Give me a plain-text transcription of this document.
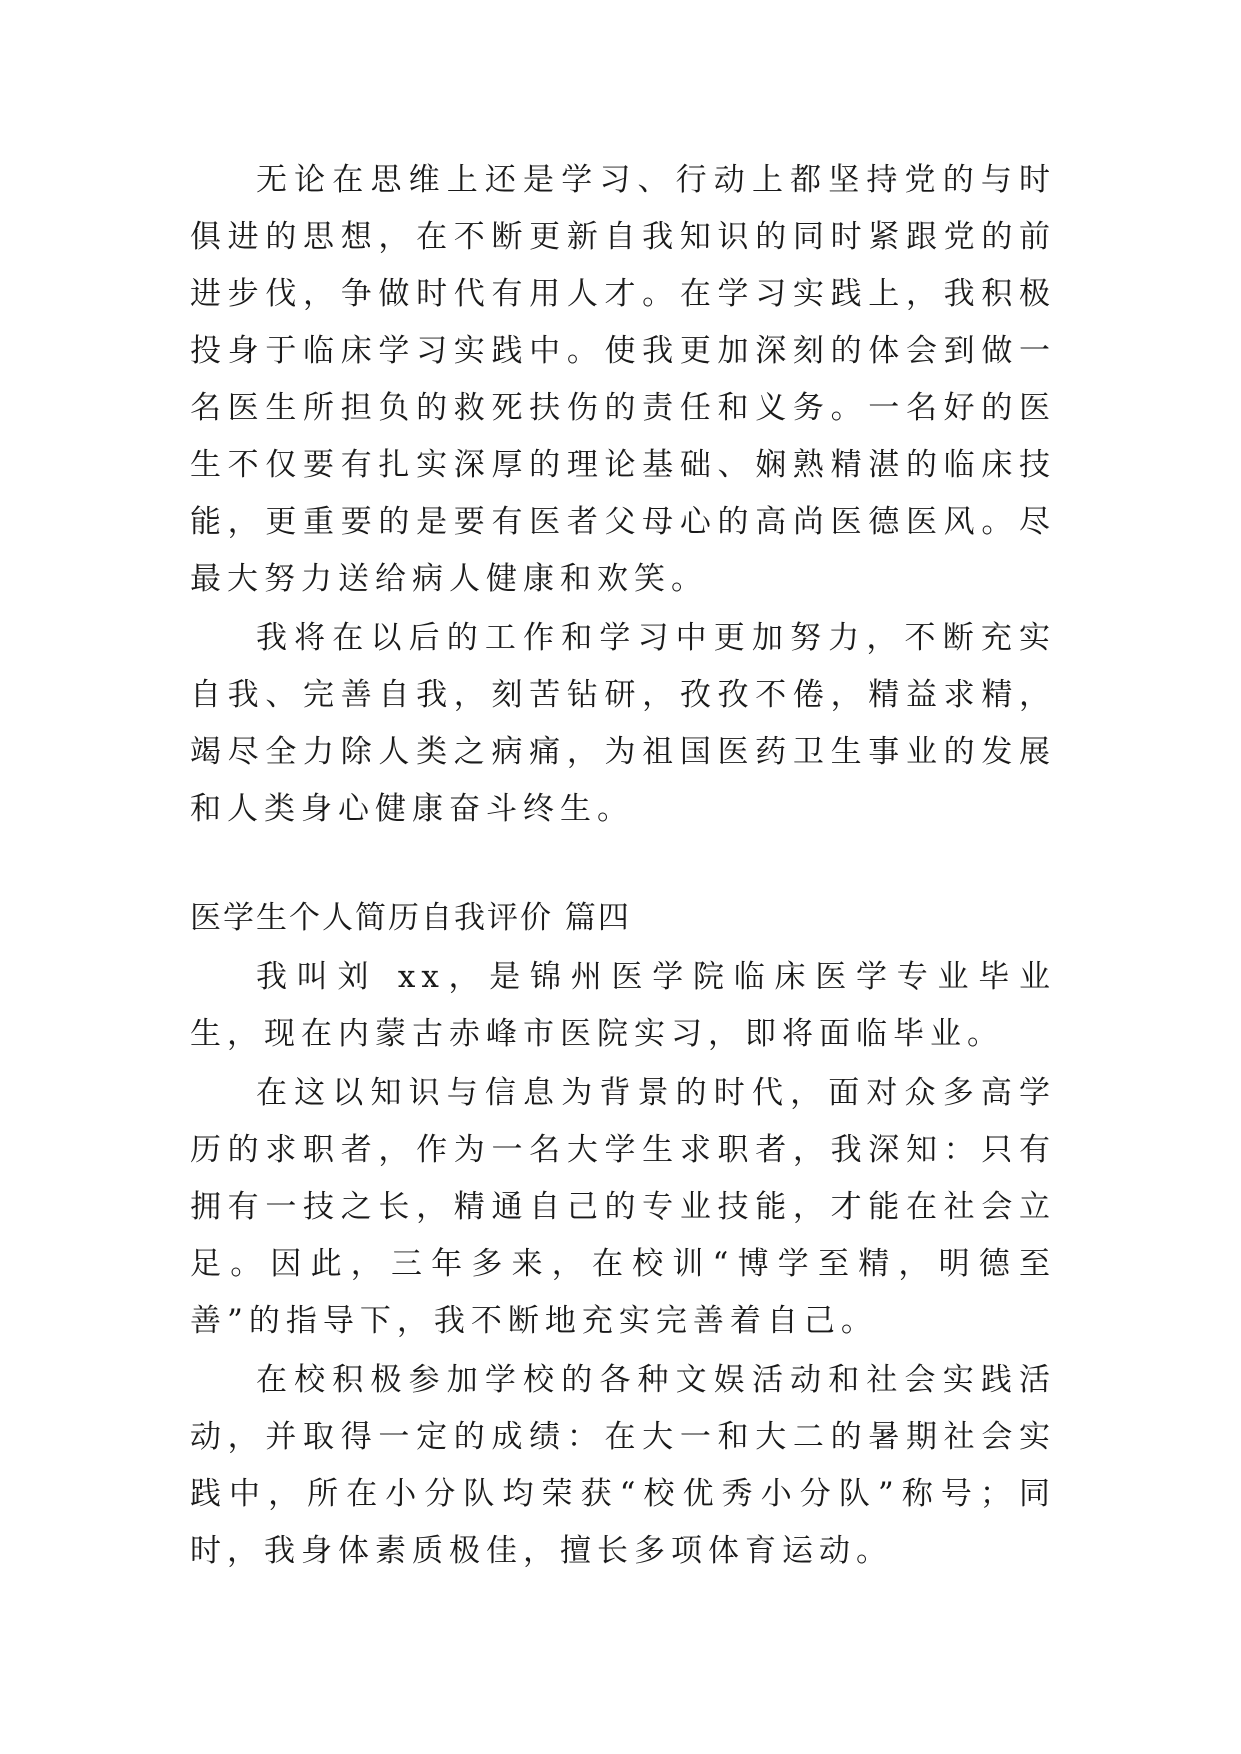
无论在思维上还是学习、行动上都坚持党的与时俱进的思想，在不断更新自我知识的同时紧跟党的前进步伐，争做时代有用人才。在学习实践上，我积极投身于临床学习实践中。使我更加深刻的体会到做一名医生所担负的救死扶伤的责任和义务。一名好的医生不仅要有扎实深厚的理论基础、娴熟精湛的临床技能，更重要的是要有医者父母心的高尚医德医风。尽最大努力送给病人健康和欢笑。

我将在以后的工作和学习中更加努力，不断充实自我、完善自我，刻苦钻研，孜孜不倦，精益求精，竭尽全力除人类之病痛，为祖国医药卫生事业的发展和人类身心健康奋斗终生。

医学生个人简历自我评价 篇四

我叫刘 xx，是锦州医学院临床医学专业毕业生，现在内蒙古赤峰市医院实习，即将面临毕业。

在这以知识与信息为背景的时代，面对众多高学历的求职者，作为一名大学生求职者，我深知：只有拥有一技之长，精通自己的专业技能，才能在社会立足。因此，三年多来，在校训“博学至精，明德至善”的指导下，我不断地充实完善着自己。

在校积极参加学校的各种文娱活动和社会实践活动，并取得一定的成绩：在大一和大二的暑期社会实践中，所在小分队均荣获“校优秀小分队”称号；同时，我身体素质极佳，擅长多项体育运动。
